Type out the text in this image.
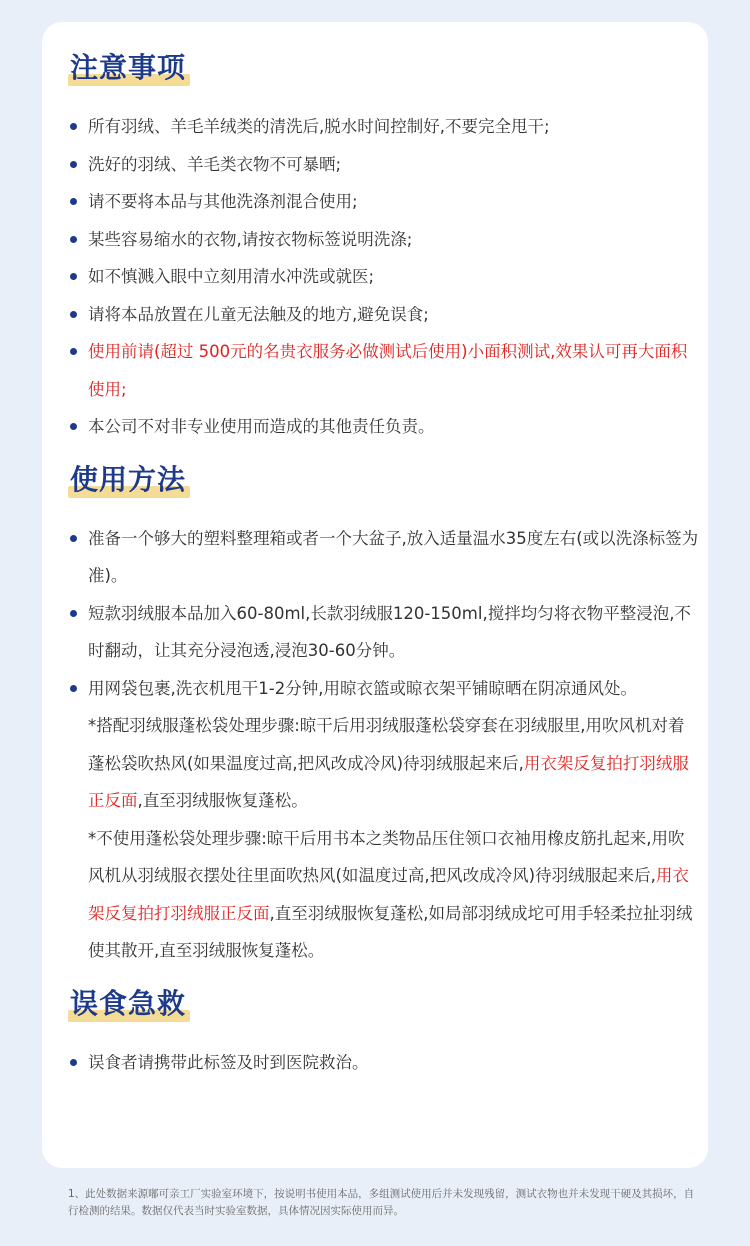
注意事项
所有羽绒、羊毛羊绒类的清洗后,脱水时间控制好,不要完全甩干;
洗好的羽绒、羊毛类衣物不可暴晒;
请不要将本品与其他洗涤剂混合使用;
某些容易缩水的衣物,请按衣物标签说明洗涤;
如不慎溅入眼中立刻用清水冲洗或就医;
请将本品放置在儿童无法触及的地方,避免误食;
使用前请(超过 500元的名贵衣服务必做测试后使用)小面积测试,效果认可再大面积使用;
本公司不对非专业使用而造成的其他责任负责。
使用方法
准备一个够大的塑料整理箱或者一个大盆子,放入适量温水35度左右(或以洗涤标签为准)。
短款羽绒服本品加入60-80ml,长款羽绒服120-150ml,搅拌均匀将衣物平整浸泡,不时翻动，让其充分浸泡透,浸泡30-60分钟。
用网袋包裹,洗衣机甩干1-2分钟,用晾衣篮或晾衣架平铺晾晒在阴凉通风处。
*搭配羽绒服蓬松袋处理步骤:晾干后用羽绒服蓬松袋穿套在羽绒服里,用吹风机对着蓬松袋吹热风(如果温度过高,把风改成冷风)待羽绒服起来后,用衣架反复拍打羽绒服正反面,直至羽绒服恢复蓬松。
*不使用蓬松袋处理步骤:晾干后用书本之类物品压住领口衣袖用橡皮筋扎起来,用吹风机从羽绒服衣摆处往里面吹热风(如温度过高,把风改成冷风)待羽绒服起来后,用衣架反复拍打羽绒服正反面,直至羽绒服恢复蓬松,如局部羽绒成坨可用手轻柔拉扯羽绒使其散开,直至羽绒服恢复蓬松。
误食急救
误食者请携带此标签及时到医院救治。
1、此处数据来源嘟可亲工厂实验室环境下，按说明书使用本品，多组测试使用后并未发现残留，测试衣物也并未发现干硬及其损坏，自行检测的结果。数据仅代表当时实验室数据，具体情况因实际使用而异。
